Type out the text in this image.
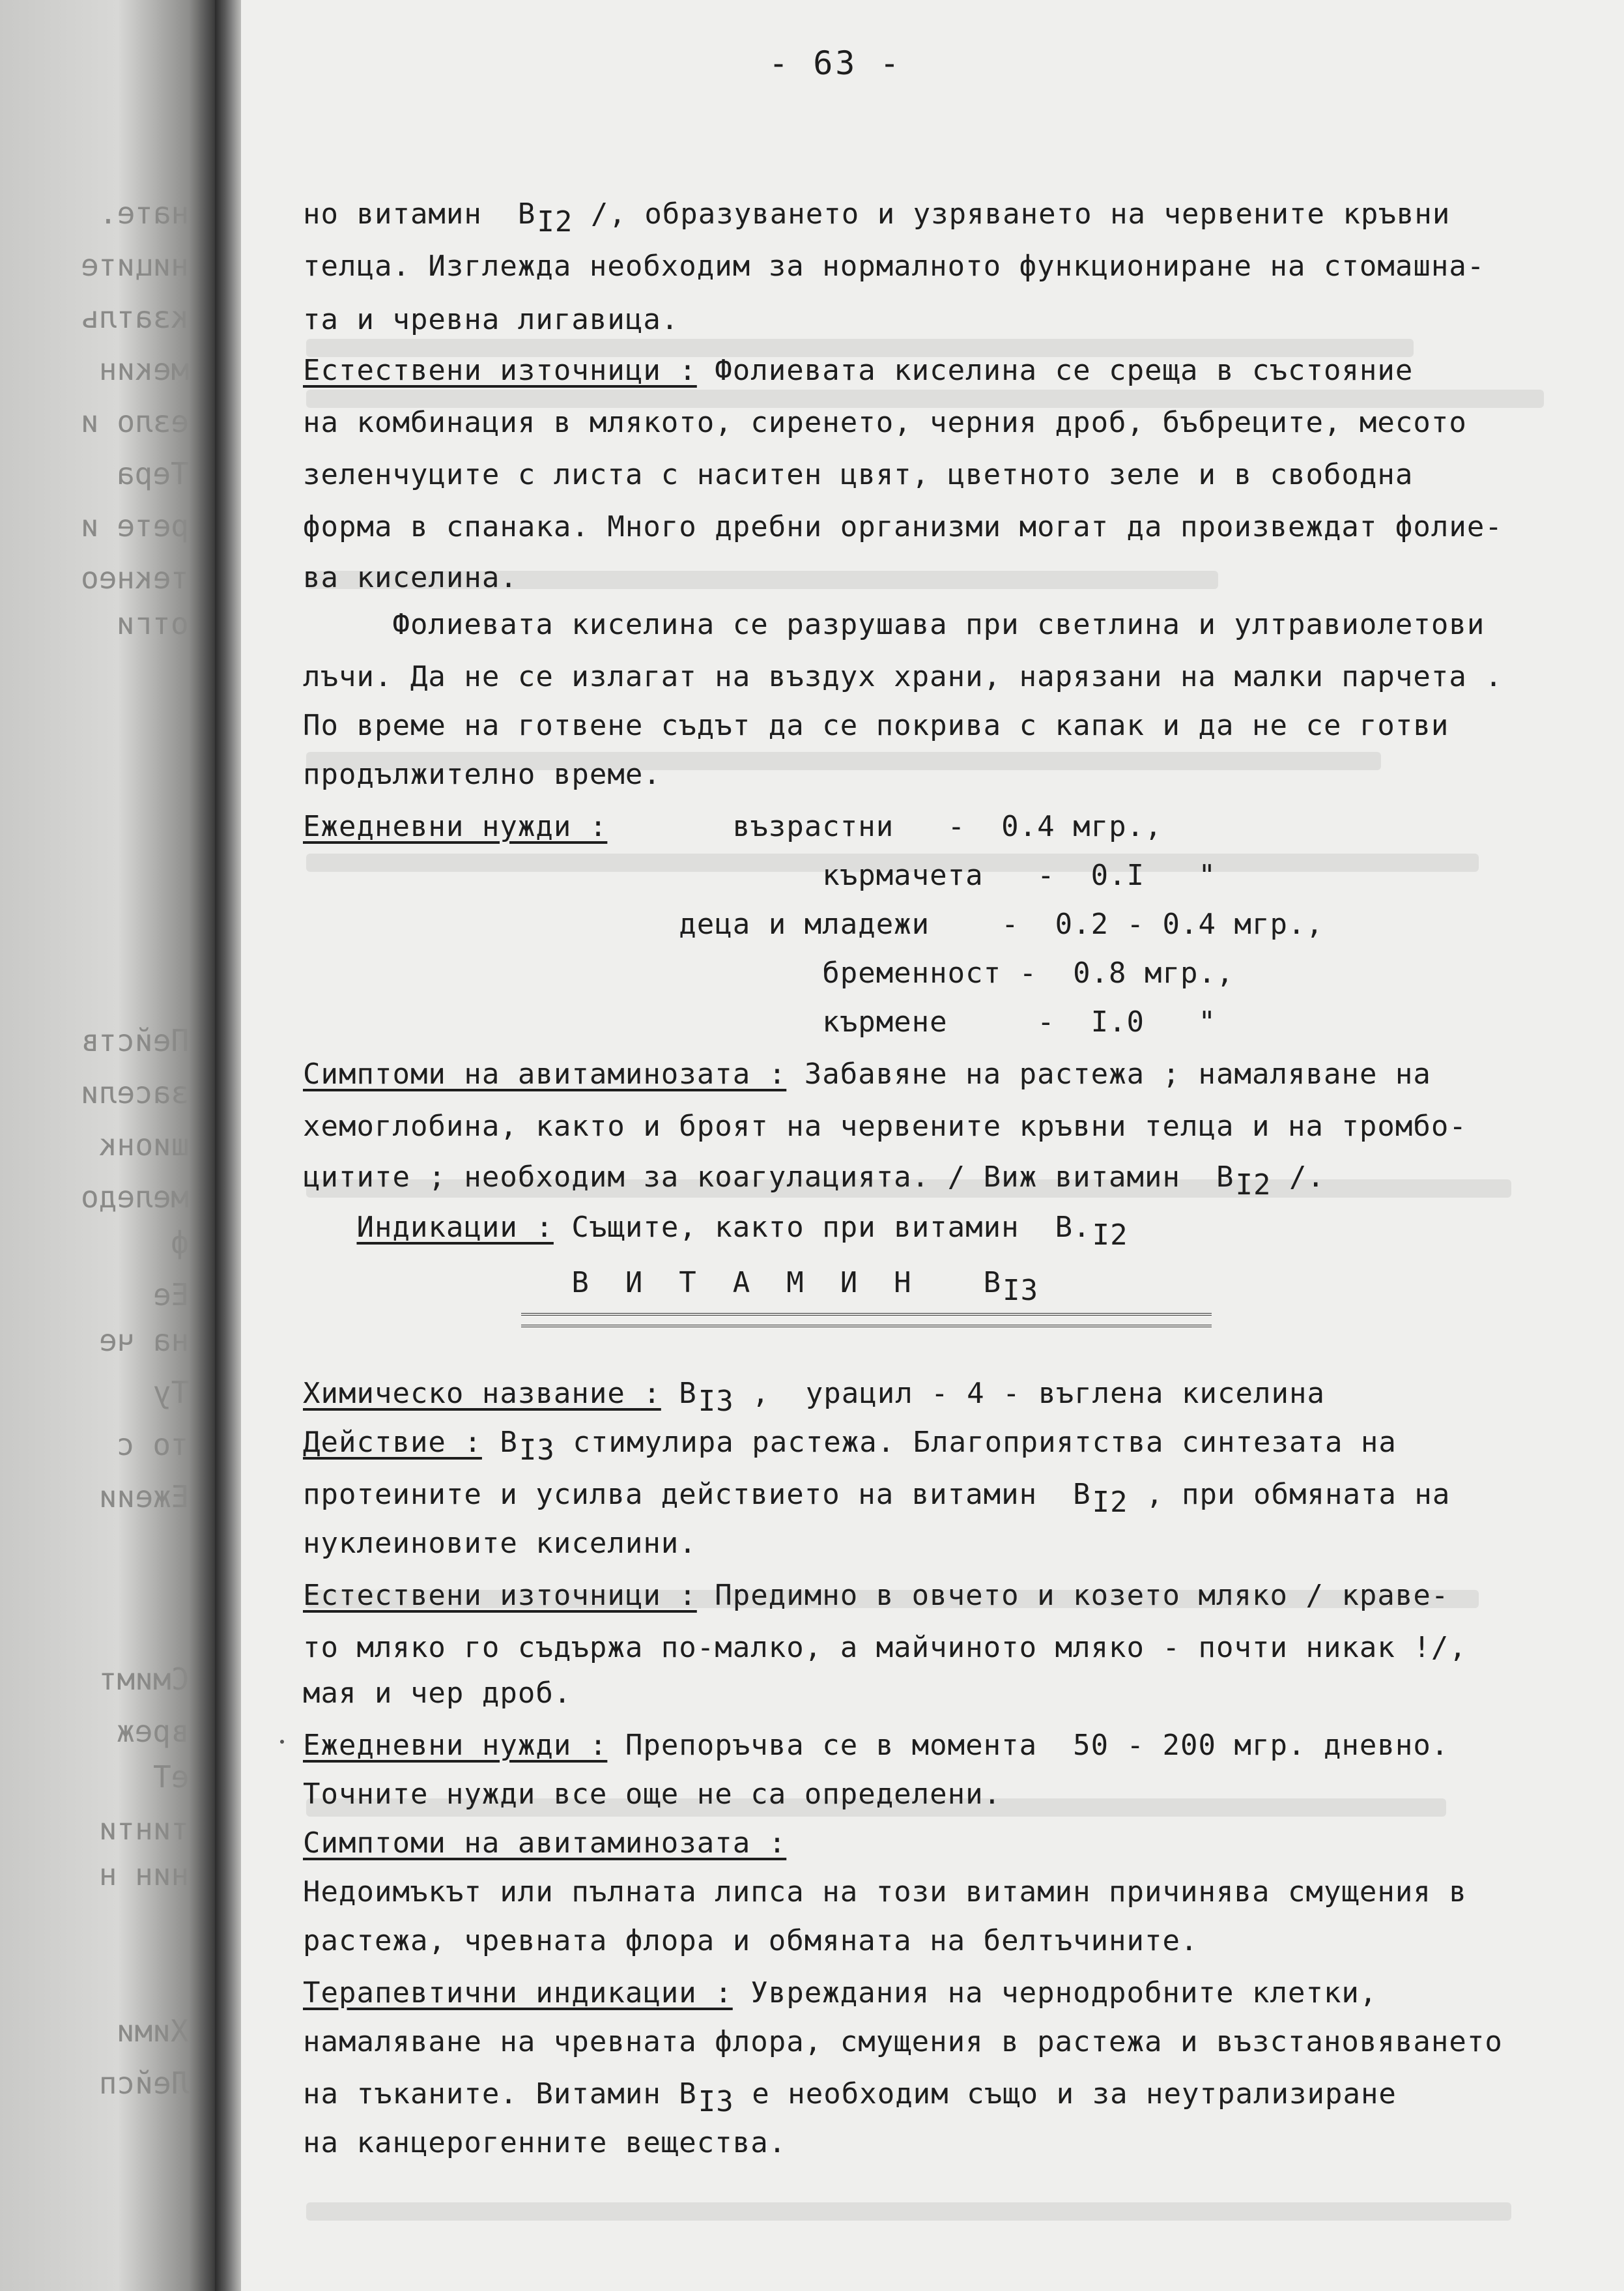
нате.
ниците
кзатль
мекин
езло и
Тера
рете и
текнео
отги
Пейств
засели
шионк
меледо
ф
Еe
на че
Ту
то с
Ежеии
Смимт
вреж
еТ
тинти
нин н
Хими
Лейсп
- 63 -
но витамин  $B_{I2}$ /, образуването и узряването на червените кръвни
телца. Изглежда необходим за нормалното функциониране на стомашна-
та и чревна лигавица.
Естествени източници : Фолиевата киселина се среща в състояние
на комбинация в млякото, сиренето, черния дроб, бъбреците, месото
зеленчуците с листа с наситен цвят, цветното зеле и в свободна
форма в спанака. Много дребни организми могат да произвеждат фолие-
ва киселина.
Фолиевата киселина се разрушава при светлина и ултравиолетови
лъчи. Да не се излагат на въздух храни, нарязани на малки парчета .
По време на готвене съдът да се покрива с капак и да не се готви
продължително време.
Ежедневни нужди :       възрастни   -  0.4 мгр.,
кърмачета   -  0.I   "
деца и младежи    -  0.2 - 0.4 мгр.,
бременност -  0.8 мгр.,
кърмене     -  I.0   "
Симптоми на авитаминозата : Забавяне на растежа ; намаляване на
хемоглобина, както и броят на червените кръвни телца и на тромбо-
цитите ; необходим за коагулацията. / Виж витамин  $B_{I2}$ /.
Индикации : Същите, както при витамин  $B._{I2}$
В  И  Т  А  М  И  Н    $B_{I3}$
Химическо название : $B_{I3}$ ,  урацил - 4 - въглена киселина
Действие : $B_{I3}$ стимулира растежа. Благоприятства синтезата на
протеините и усилва действието на витамин  $B_{I2}$ , при обмяната на
нуклеиновите киселини.
Естествени източници : Предимно в овчето и козето мляко / краве-
то мляко го съдържа по-малко, а майчиното мляко - почти никак !/,
мая и чер дроб.
Ежедневни нужди : Препоръчва се в момента  50 - 200 мгр. дневно.
Точните нужди все още не са определени.
Симптоми на авитаминозата :
Недоимъкът или пълната липса на този витамин причинява смущения в
растежа, чревната флора и обмяната на белтъчините.
Терапевтични индикации : Увреждания на чернодробните клетки,
намаляване на чревната флора, смущения в растежа и възстановяването
на тъканите. Витамин $B_{I3}$ е необходим също и за неутрализиране
на канцерогенните вещества.
